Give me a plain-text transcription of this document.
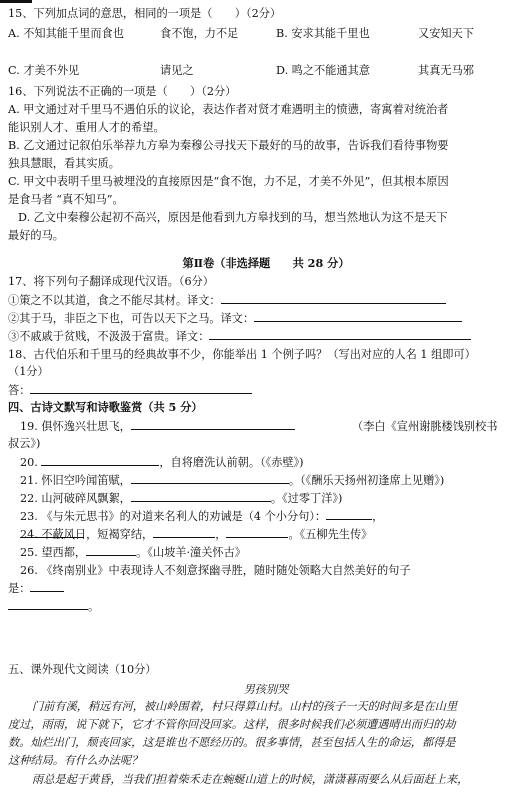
15、下列加点词的意思，相同的一项是（　　）（2分）
A. 不知其能千里而食也	食不饱，力不足	B. 安求其能千里也	又安知天下
C. 才美不外见	请见之	D. 鸣之不能通其意	其真无马邪
16、下列说法不正确的一项是（　　）（2分）
A. 甲文通过对千里马不遇伯乐的议论，表达作者对贤才难遇明主的愤懑，寄寓着对统治者
能识别人才、重用人才的希望。
B. 乙文通过记叙伯乐举荐九方皋为秦穆公寻找天下最好的马的故事，告诉我们看待事物要
独具慧眼，看其实质。
C. 甲文中表明千里马被埋没的直接原因是“食不饱，力不足，才美不外见”，但其根本原因
是食马者 “真不知马”。
D. 乙文中秦穆公起初不高兴，原因是他看到九方皋找到的马，想当然地认为这不是天下
最好的马。
第Ⅱ卷（非选择题　　共 28 分）
17、将下列句子翻译成现代汉语。（6分）
①策之不以其道，食之不能尽其材。译文：
②其于马，非臣之下也，可告以天下之马。译文：
③不戚戚于贫贱，不汲汲于富贵。译文：
18、古代伯乐和千里马的经典故事不少，你能举出 1 个例子吗？（写出对应的人名 1 组即可）
（1分）
答：
四、古诗文默写和诗歌鉴赏（共 5 分）
19. 俱怀逸兴壮思飞，	（李白《宣州谢朓楼饯别校书
叔云》)
20.	，自将磨洗认前朝。（《赤壁》)
21. 怀旧空吟闻笛赋，	。（《酬乐天扬州初逢席上见赠》)
22. 山河破碎风飘絮，	。《过零丁洋》)
23. 《与朱元思书》的对道来名利人的劝诫是（4 个小分句）：	，
24. 不蔽风日，短褐穿结，	，	。《五柳先生传》
25. 望西都，	。《山坡羊·潼关怀古》
26. 《终南别业》中表现诗人不刻意探幽寻胜，随时随处领略大自然美好的句子
是：
。
五、课外现代文阅读（10分）
男孩别哭
门前有溪，稍远有河，被山岭围着，村只得算山村。山村的孩子一天的时间多是在山里
度过，雨雨，说下就下，它才不管你回没回家。这样，很多时候我们必须遭遇晴出而归的劫
数。灿烂出门，颓丧回家，这是谁也不愿经历的。很多事情，甚至包括人生的命运，都得是
这种结局。有什么办法呢？
雨总是起于黄昏，当我们担着柴禾走在蜿蜒山道上的时候，潇潇暮雨要么从后面赶上来，
